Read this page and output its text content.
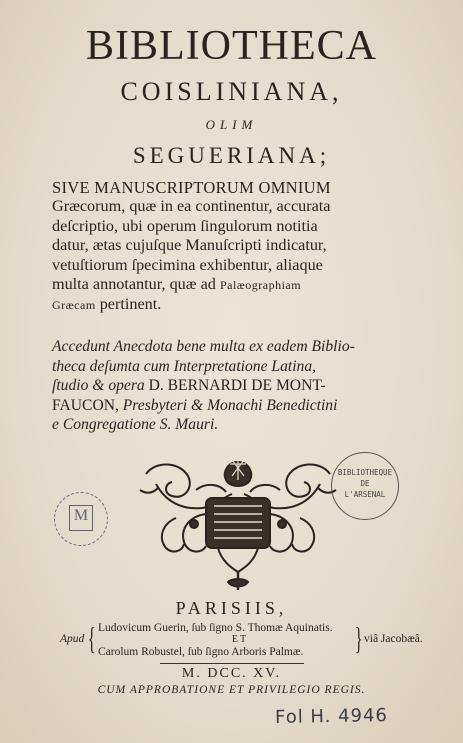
BIBLIOTHECA
COISLINIANA,
OLIM
SEGUERIANA;
SIVE MANUSCRIPTORUM OMNIUM
Græcorum, quæ in ea continentur, accurata
deſcriptio, ubi operum ſingulorum notitia
datur, ætas cujuſque Manuſcripti indicatur,
vetuſtiorum ſpecimina exhibentur, aliaque
multa annotantur, quæ ad Palæographiam
Græcam pertinent.
Accedunt Anecdota bene multa ex eadem Biblio-
theca deſumta cum Interpretatione Latina,
ſtudio & opera D. BERNARDI DE MONT-
FAUCON, Presbyteri & Monachi Benedictini
e Congregatione S. Mauri.
M
BIBLIOTHEQUE
DE
L'ARSENAL
PARISIIS,
Apud { Ludovicum Guerin, ſub ſigno S. Thomæ Aquinatis.
ET
Carolum Robustel, ſub ſigno Arboris Palmæ. } viâ Jacobæâ.
M. DCC. XV.
CUM APPROBATIONE ET PRIVILEGIO REGIS.
Fol H. 4946
